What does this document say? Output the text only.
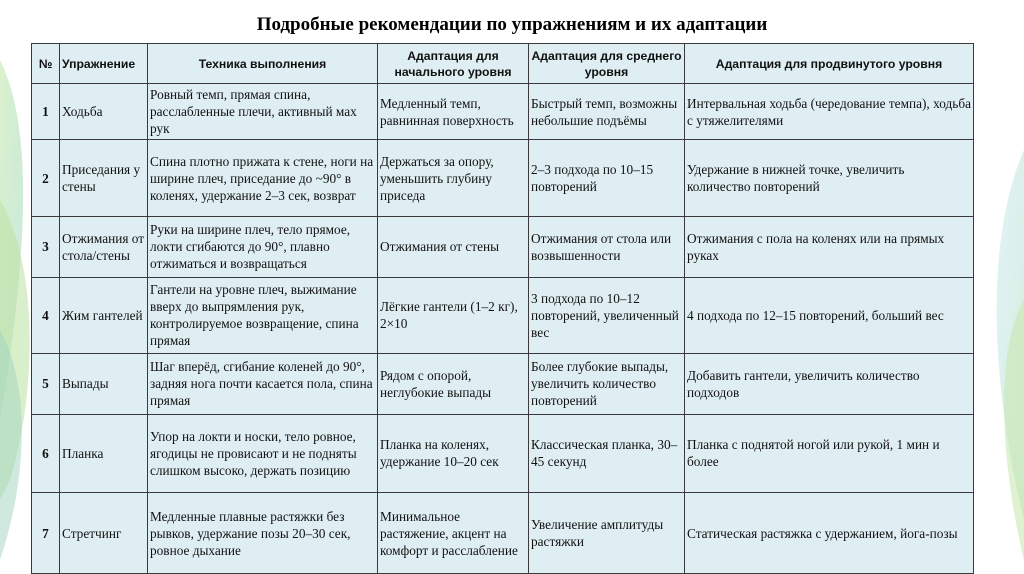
Подробные рекомендации по упражнениям и их адаптации
№	Упражнение	Техника выполнения	Адаптация для начального уровня	Адаптация для среднего уровня	Адаптация для продвинутого уровня
1	Ходьба	Ровный темп, прямая спина, расслабленные плечи, активный мах рук	Медленный темп, равнинная поверхность	Быстрый темп, возможны небольшие подъёмы	Интервальная ходьба (чередование темпа), ходьба с утяжелителями
2	Приседания у стены	Спина плотно прижата к стене, ноги на ширине плеч, приседание до ~90° в коленях, удержание 2–3 сек, возврат	Держаться за опору, уменьшить глубину приседа	2–3 подхода по 10–15 повторений	Удержание в нижней точке, увеличить количество повторений
3	Отжимания от стола/стены	Руки на ширине плеч, тело прямое, локти сгибаются до 90°, плавно отжиматься и возвращаться	Отжимания от стены	Отжимания от стола или возвышенности	Отжимания с пола на коленях или на прямых руках
4	Жим гантелей	Гантели на уровне плеч, выжимание вверх до выпрямления рук, контролируемое возвращение, спина прямая	Лёгкие гантели (1–2 кг), 2×10	3 подхода по 10–12 повторений, увеличенный вес	4 подхода по 12–15 повторений, больший вес
5	Выпады	Шаг вперёд, сгибание коленей до 90°, задняя нога почти касается пола, спина прямая	Рядом с опорой, неглубокие выпады	Более глубокие выпады, увеличить количество повторений	Добавить гантели, увеличить количество подходов
6	Планка	Упор на локти и носки, тело ровное, ягодицы не провисают и не подняты слишком высоко, держать позицию	Планка на коленях, удержание 10–20 сек	Классическая планка, 30–45 секунд	Планка с поднятой ногой или рукой, 1 мин и более
7	Стретчинг	Медленные плавные растяжки без рывков, удержание позы 20–30 сек, ровное дыхание	Минимальное растяжение, акцент на комфорт и расслабление	Увеличение амплитуды растяжки	Статическая растяжка с удержанием, йога-позы
